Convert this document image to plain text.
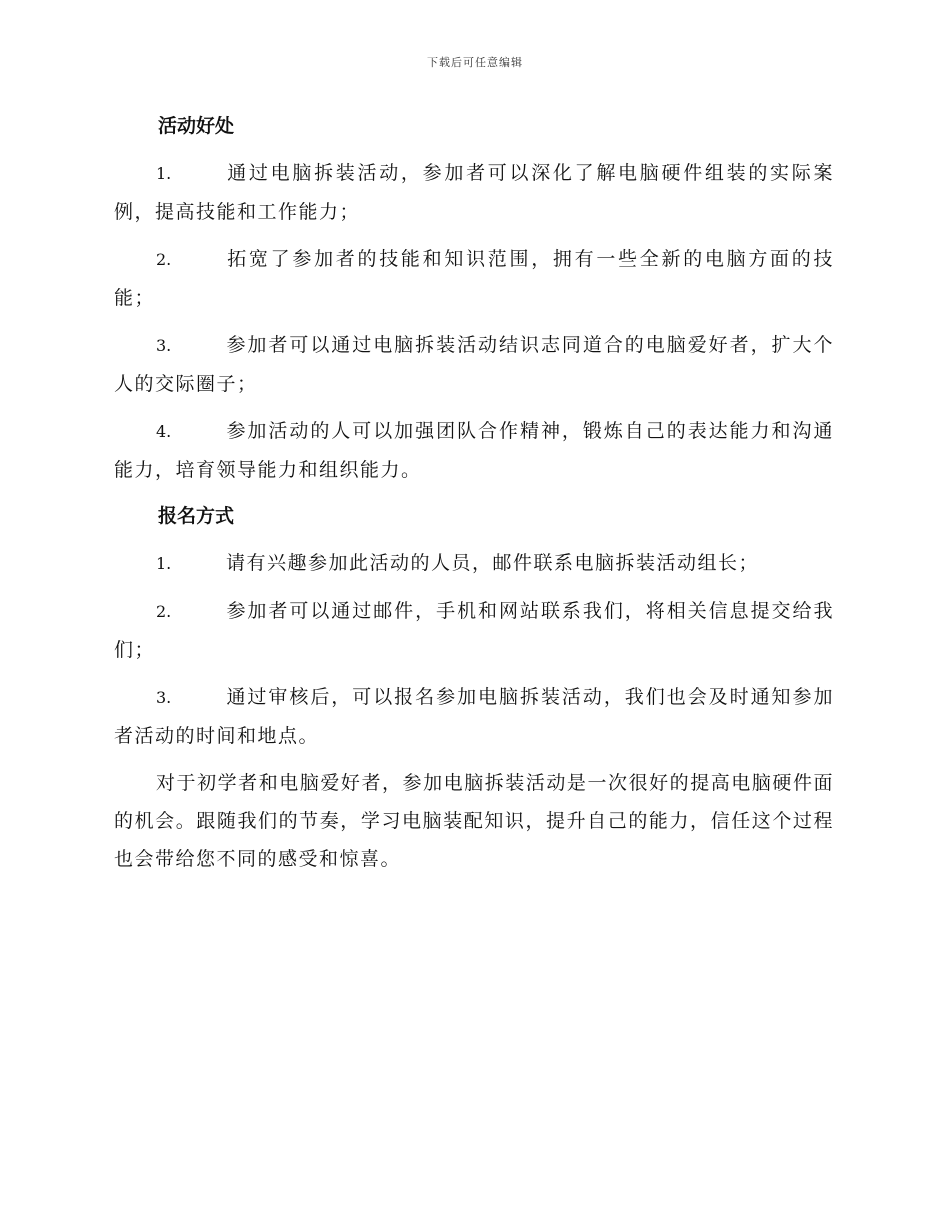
下载后可任意编辑
活动好处
1.	通过电脑拆装活动，参加者可以深化了解电脑硬件组装的实际案例，提高技能和工作能力；
2.	拓宽了参加者的技能和知识范围，拥有一些全新的电脑方面的技能；
3.	参加者可以通过电脑拆装活动结识志同道合的电脑爱好者，扩大个人的交际圈子；
4.	参加活动的人可以加强团队合作精神，锻炼自己的表达能力和沟通能力，培育领导能力和组织能力。
报名方式
1.	请有兴趣参加此活动的人员，邮件联系电脑拆装活动组长；
2.	参加者可以通过邮件，手机和网站联系我们，将相关信息提交给我们；
3.	通过审核后，可以报名参加电脑拆装活动，我们也会及时通知参加者活动的时间和地点。

对于初学者和电脑爱好者，参加电脑拆装活动是一次很好的提高电脑硬件面的机会。跟随我们的节奏，学习电脑装配知识，提升自己的能力，信任这个过程也会带给您不同的感受和惊喜。
